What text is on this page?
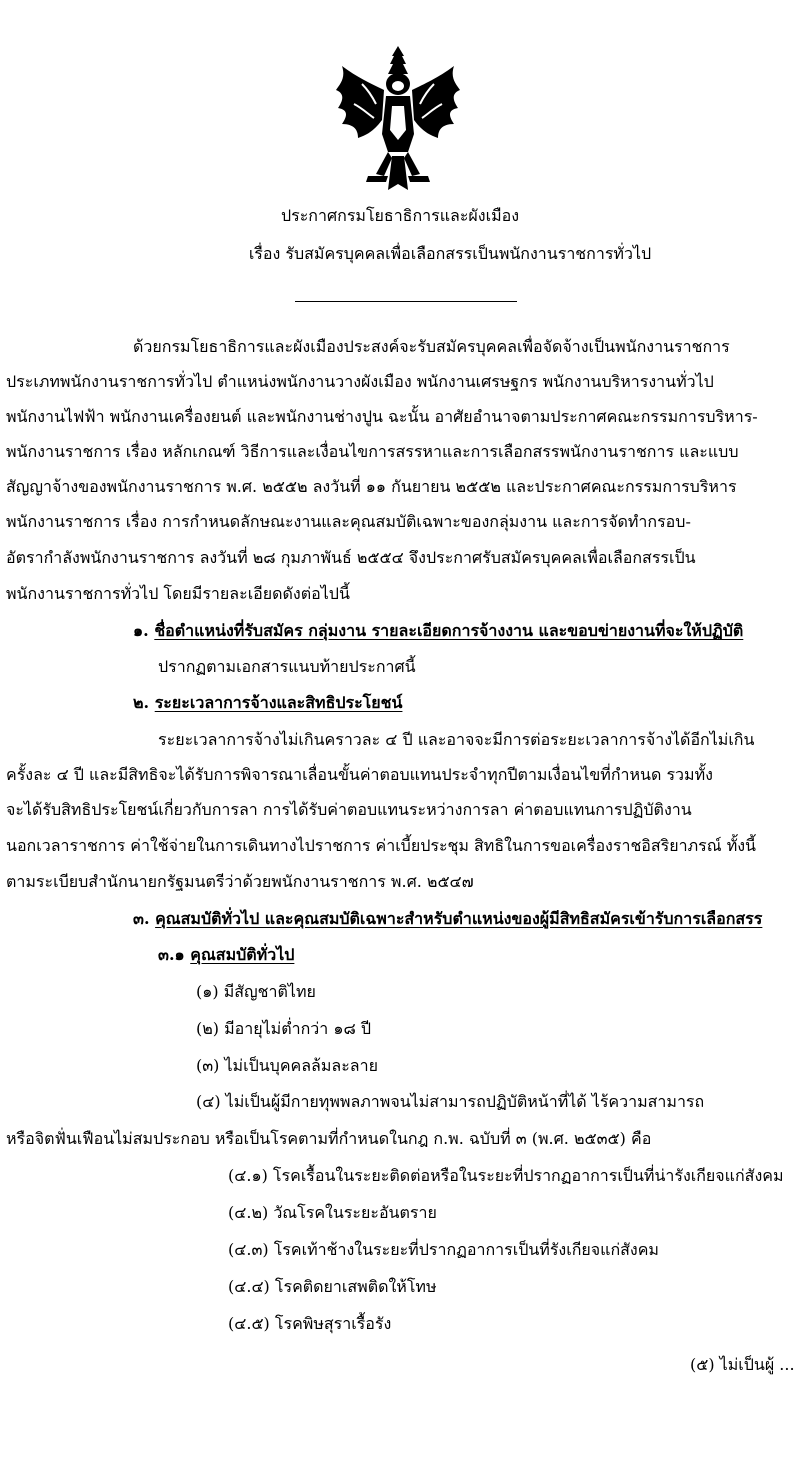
ประกาศกรมโยธาธิการและผังเมือง
เรื่อง รับสมัครบุคคลเพื่อเลือกสรรเป็นพนักงานราชการทั่วไป
ด้วยกรมโยธาธิการและผังเมืองประสงค์จะรับสมัครบุคคลเพื่อจัดจ้างเป็นพนักงานราชการ
ประเภทพนักงานราชการทั่วไป ตำแหน่งพนักงานวางผังเมือง พนักงานเศรษฐกร พนักงานบริหารงานทั่วไป
พนักงานไฟฟ้า พนักงานเครื่องยนต์ และพนักงานช่างปูน ฉะนั้น อาศัยอำนาจตามประกาศคณะกรรมการบริหาร-
พนักงานราชการ เรื่อง หลักเกณฑ์ วิธีการและเงื่อนไขการสรรหาและการเลือกสรรพนักงานราชการ และแบบ
สัญญาจ้างของพนักงานราชการ พ.ศ. ๒๕๕๒ ลงวันที่ ๑๑ กันยายน ๒๕๕๒ และประกาศคณะกรรมการบริหาร
พนักงานราชการ เรื่อง การกำหนดลักษณะงานและคุณสมบัติเฉพาะของกลุ่มงาน และการจัดทำกรอบ-
อัตรากำลังพนักงานราชการ ลงวันที่ ๒๘ กุมภาพันธ์ ๒๕๕๔ จึงประกาศรับสมัครบุคคลเพื่อเลือกสรรเป็น
พนักงานราชการทั่วไป โดยมีรายละเอียดดังต่อไปนี้
๑. ชื่อตำแหน่งที่รับสมัคร กลุ่มงาน รายละเอียดการจ้างงาน และขอบข่ายงานที่จะให้ปฏิบัติ
ปรากฏตามเอกสารแนบท้ายประกาศนี้
๒. ระยะเวลาการจ้างและสิทธิประโยชน์
ระยะเวลาการจ้างไม่เกินคราวละ ๔ ปี และอาจจะมีการต่อระยะเวลาการจ้างได้อีกไม่เกิน
ครั้งละ ๔ ปี และมีสิทธิจะได้รับการพิจารณาเลื่อนขั้นค่าตอบแทนประจำทุกปีตามเงื่อนไขที่กำหนด รวมทั้ง
จะได้รับสิทธิประโยชน์เกี่ยวกับการลา การได้รับค่าตอบแทนระหว่างการลา ค่าตอบแทนการปฏิบัติงาน
นอกเวลาราชการ ค่าใช้จ่ายในการเดินทางไปราชการ ค่าเบี้ยประชุม สิทธิในการขอเครื่องราชอิสริยาภรณ์ ทั้งนี้
ตามระเบียบสำนักนายกรัฐมนตรีว่าด้วยพนักงานราชการ พ.ศ. ๒๕๔๗
๓. คุณสมบัติทั่วไป และคุณสมบัติเฉพาะสำหรับตำแหน่งของผู้มีสิทธิสมัครเข้ารับการเลือกสรร
๓.๑ คุณสมบัติทั่วไป
(๑) มีสัญชาติไทย
(๒) มีอายุไม่ต่ำกว่า ๑๘ ปี
(๓) ไม่เป็นบุคคลล้มละลาย
(๔) ไม่เป็นผู้มีกายทุพพลภาพจนไม่สามารถปฏิบัติหน้าที่ได้ ไร้ความสามารถ
หรือจิตฟั่นเฟือนไม่สมประกอบ หรือเป็นโรคตามที่กำหนดในกฎ ก.พ. ฉบับที่ ๓ (พ.ศ. ๒๕๓๕) คือ
(๔.๑) โรคเรื้อนในระยะติดต่อหรือในระยะที่ปรากฏอาการเป็นที่น่ารังเกียจแก่สังคม
(๔.๒) วัณโรคในระยะอันตราย
(๔.๓) โรคเท้าช้างในระยะที่ปรากฏอาการเป็นที่รังเกียจแก่สังคม
(๔.๔) โรคติดยาเสพติดให้โทษ
(๔.๕) โรคพิษสุราเรื้อรัง
(๕) ไม่เป็นผู้ ...
